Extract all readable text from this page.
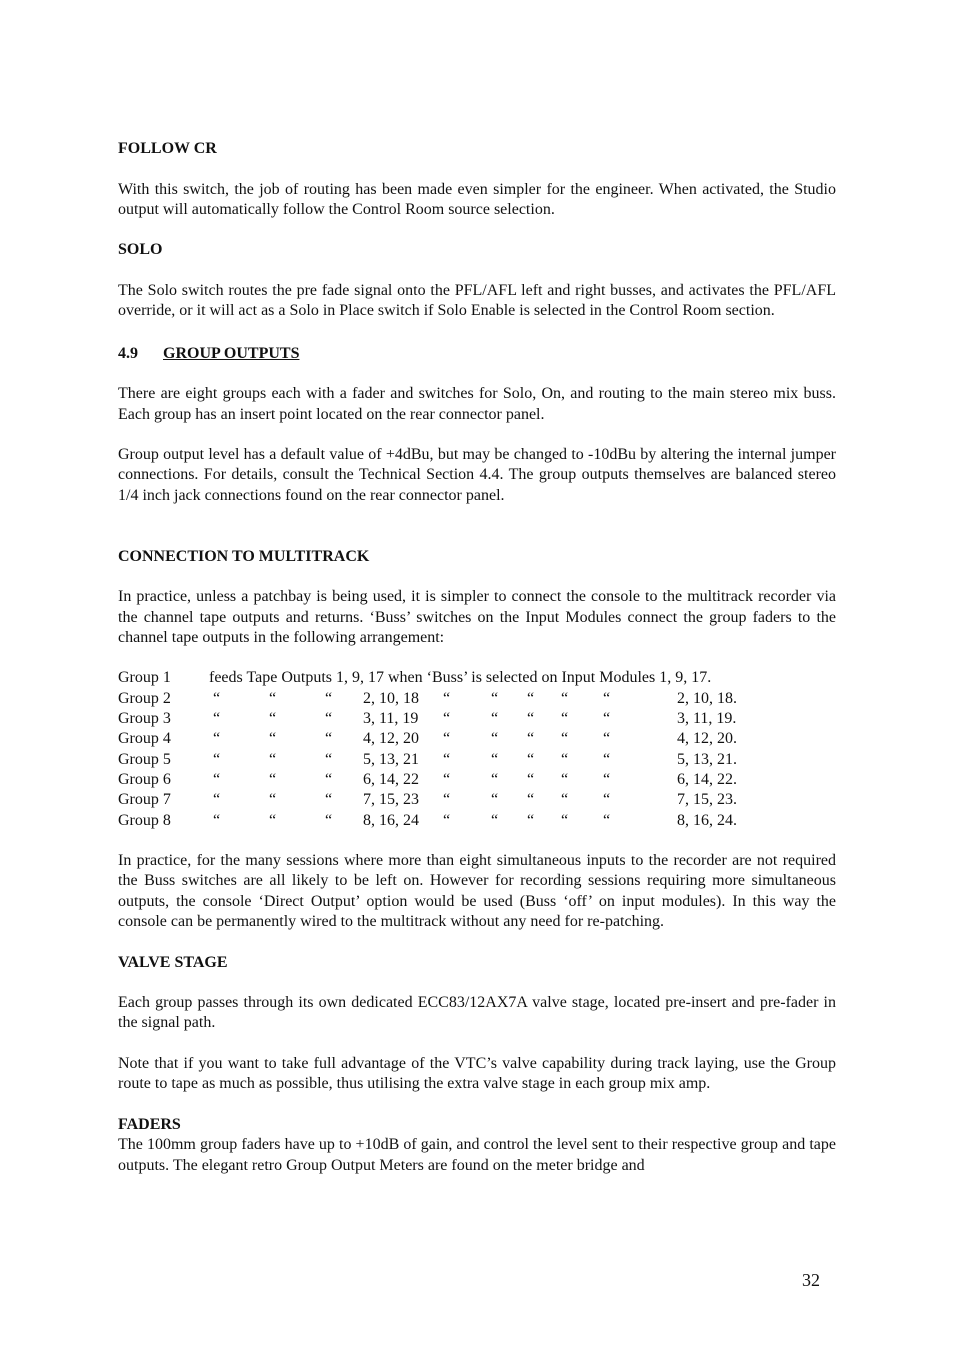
FOLLOW CR

With this switch, the job of routing has been made even simpler for the engineer. When activated, the Studio output will automatically follow the Control Room source selection.

SOLO

The Solo switch routes the pre fade signal onto the PFL/AFL left and right busses, and activates the PFL/AFL override, or it will act as a Solo in Place switch if Solo Enable is selected in the Control Room section.

4.9 GROUP OUTPUTS

There are eight groups each with a fader and switches for Solo, On, and routing to the main stereo mix buss. Each group has an insert point located on the rear connector panel.

Group output level has a default value of +4dBu, but may be changed to -10dBu by altering the internal jumper connections. For details, consult the Technical Section 4.4. The group outputs themselves are balanced stereo 1/4 inch jack connections found on the rear connector panel.

CONNECTION TO MULTITRACK

In practice, unless a patchbay is being used, it is simpler to connect the console to the multitrack recorder via the channel tape outputs and returns. ‘Buss’ switches on the Input Modules connect the group faders to the channel tape outputs in the following arrangement:

Group 1	feeds Tape Outputs 1, 9, 17 when ‘Buss’ is selected on Input Modules 1, 9, 17.									
Group 2	“	“	“	2, 10, 18	“	“	“	“	“	2, 10, 18.
Group 3	“	“	“	3, 11, 19	“	“	“	“	“	3, 11, 19.
Group 4	“	“	“	4, 12, 20	“	“	“	“	“	4, 12, 20.
Group 5	“	“	“	5, 13, 21	“	“	“	“	“	5, 13, 21.
Group 6	“	“	“	6, 14, 22	“	“	“	“	“	6, 14, 22.
Group 7	“	“	“	7, 15, 23	“	“	“	“	“	7, 15, 23.
Group 8	“	“	“	8, 16, 24	“	“	“	“	“	8, 16, 24.

In practice, for the many sessions where more than eight simultaneous inputs to the recorder are not required the Buss switches are all likely to be left on. However for recording sessions requiring more simultaneous outputs, the console ‘Direct Output’ option would be used (Buss ‘off’ on input modules). In this way the console can be permanently wired to the multitrack without any need for re-patching.

VALVE STAGE

Each group passes through its own dedicated ECC83/12AX7A valve stage, located pre-insert and pre-fader in the signal path.

Note that if you want to take full advantage of the VTC’s valve capability during track laying, use the Group route to tape as much as possible, thus utilising the extra valve stage in each group mix amp.

FADERS

The 100mm group faders have up to +10dB of gain, and control the level sent to their respective group and tape outputs. The elegant retro Group Output Meters are found on the meter bridge and

32
